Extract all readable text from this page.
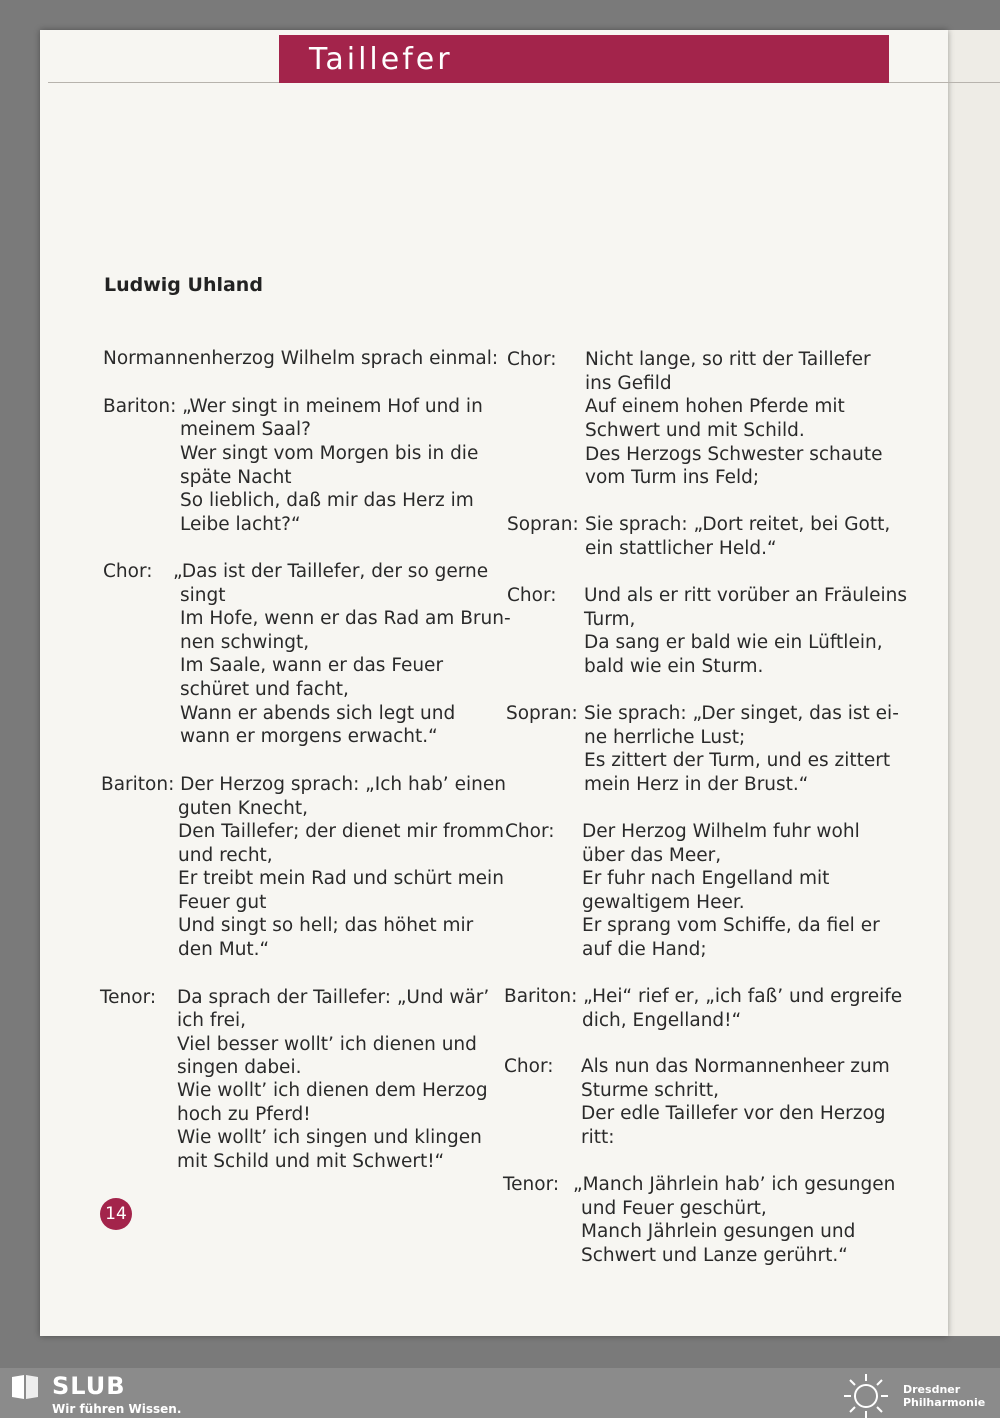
Taillefer
Ludwig Uhland
Normannenherzog Wilhelm sprach einmal:
Bariton: „Wer singt in meinem Hof und in
meinem Saal?
Wer singt vom Morgen bis in die
späte Nacht
So lieblich, daß mir das Herz im
Leibe lacht?“
Chor: „Das ist der Taillefer, der so gerne
singt
Im Hofe, wenn er das Rad am Brun-
nen schwingt,
Im Saale, wann er das Feuer
schüret und facht,
Wann er abends sich legt und
wann er morgens erwacht.“
Bariton: Der Herzog sprach: „Ich hab’ einen
guten Knecht,
Den Taillefer; der dienet mir fromm
und recht,
Er treibt mein Rad und schürt mein
Feuer gut
Und singt so hell; das höhet mir
den Mut.“
Tenor: Da sprach der Taillefer: „Und wär’
ich frei,
Viel besser wollt’ ich dienen und
singen dabei.
Wie wollt’ ich dienen dem Herzog
hoch zu Pferd!
Wie wollt’ ich singen und klingen
mit Schild und mit Schwert!“
Chor: Nicht lange, so ritt der Taillefer
ins Gefild
Auf einem hohen Pferde mit
Schwert und mit Schild.
Des Herzogs Schwester schaute
vom Turm ins Feld;
Sopran: Sie sprach: „Dort reitet, bei Gott,
ein stattlicher Held.“
Chor: Und als er ritt vorüber an Fräuleins
Turm,
Da sang er bald wie ein Lüftlein,
bald wie ein Sturm.
Sopran: Sie sprach: „Der singet, das ist ei-
ne herrliche Lust;
Es zittert der Turm, und es zittert
mein Herz in der Brust.“
Chor: Der Herzog Wilhelm fuhr wohl
über das Meer,
Er fuhr nach Engelland mit
gewaltigem Heer.
Er sprang vom Schiffe, da fiel er
auf die Hand;
Bariton: „Hei“ rief er, „ich faß’ und ergreife
dich, Engelland!“
Chor: Als nun das Normannenheer zum
Sturme schritt,
Der edle Taillefer vor den Herzog
ritt:
Tenor: „Manch Jährlein hab’ ich gesungen
und Feuer geschürt,
Manch Jährlein gesungen und
Schwert und Lanze gerührt.“
14
SLUB
Wir führen Wissen.
Dresdner
Philharmonie
